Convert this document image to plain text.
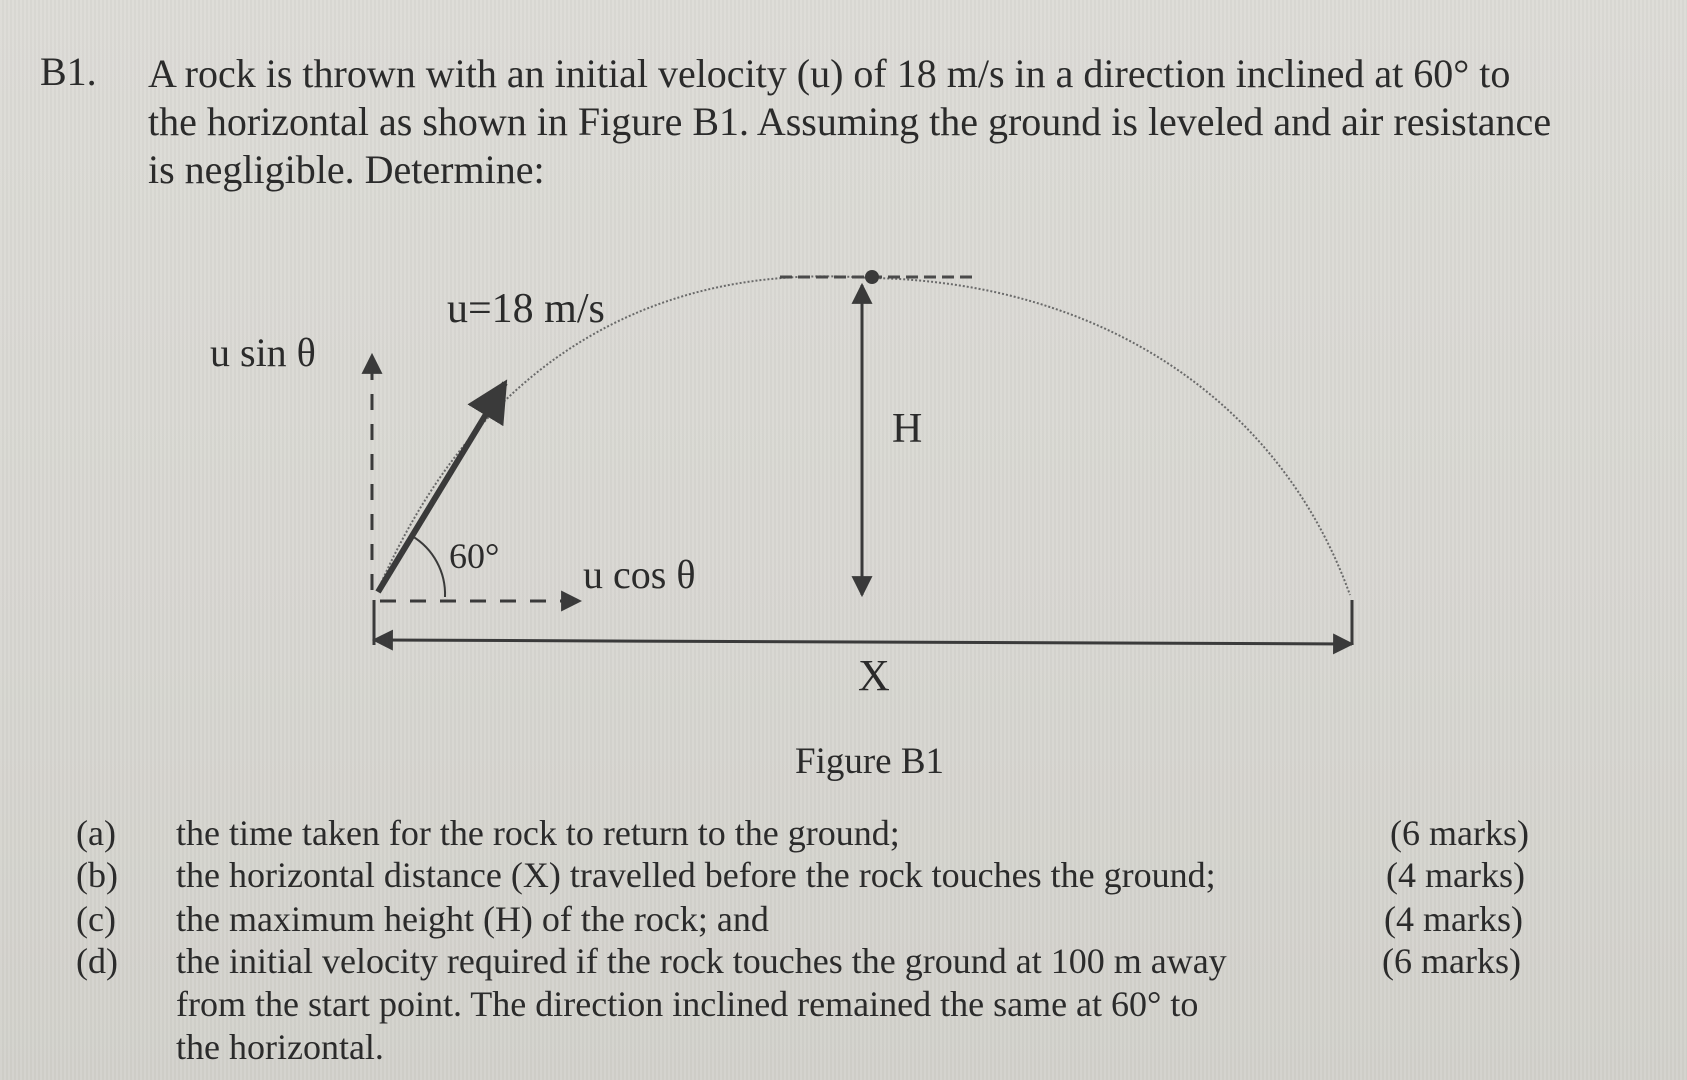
B1. A rock is thrown with an initial velocity (u) of 18 m/s in a direction inclined at 60° to
the horizontal as shown in Figure B1. Assuming the ground is leveled and air resistance
is negligible. Determine:
u=18 m/s
u sin θ
60° u cos θ
H
X
Figure B1
(a) the time taken for the rock to return to the ground;	(6 marks)
(b) the horizontal distance (X) travelled before the rock touches the ground;	(4 marks)
(c) the maximum height (H) of the rock; and	(4 marks)
(d) the initial velocity required if the rock touches the ground at 100 m away
from the start point. The direction inclined remained the same at 60° to
the horizontal.
(6 marks)
